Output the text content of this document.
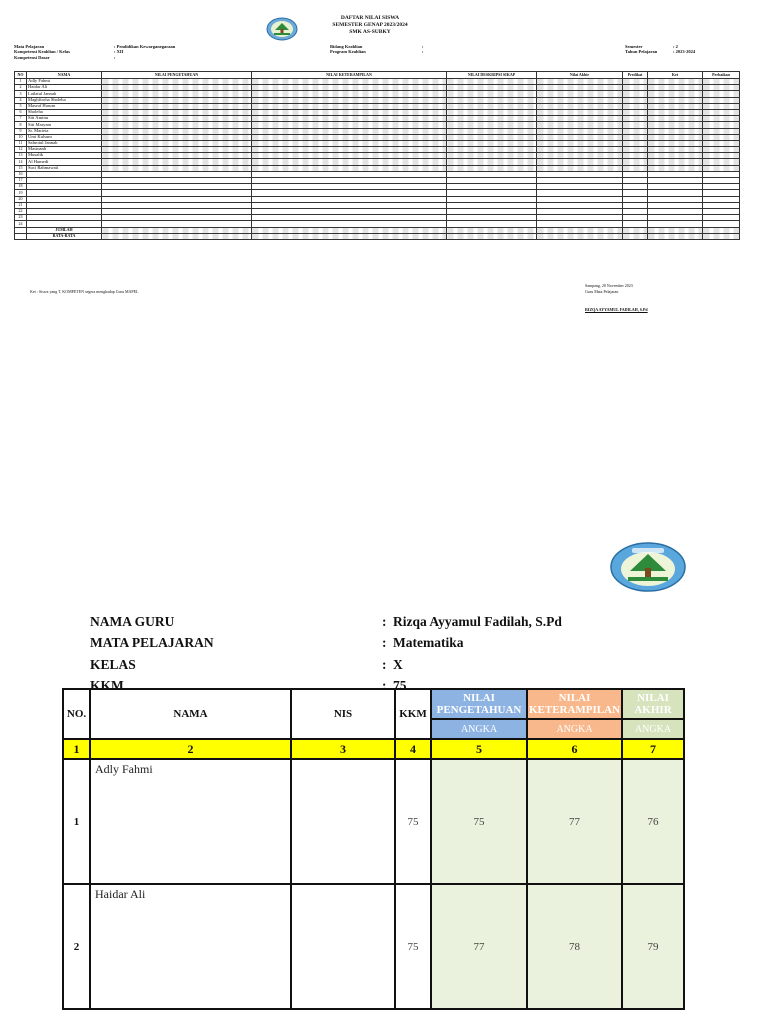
DAFTAR NILAI SISWA
SEMESTER GENAP 2023/2024
SMK AS-SUBKY
Mata Pelajaran	: Pendidikan Kewarganegaraan
Kompetensi Keahlian / Kelas	: XII
Kompetensi Dasar	:
Bidang Keahlian	:
Program Keahlian	:
Semester	: 2
Tahun Pelajaran	: 2023-2024
NO	NAMA	NILAI PENGETAHUAN	NILAI KETERAMPILAN	NILAI DESKRIPSI SIKAP	Nilai Akhir	Predikat	Ket	Perbaikan
1	Adly Fahmi							
2	Haidar Ali							
3	Lailatul Jannah							
4	Maghfiroha Sholeha							
5	Masruf Harum							
6	Sholeha							
7	Siti Aminu							
8	Siti Maryam							
9	Sr. Marieta							
10	Umi Kulsum							
11	Sahrotul Jannah							
12	Mastuanh							
13	Musalik							
14	Al Hamedi							
15	Suci Rahmawati							
16								
17								
18								
19								
20								
21								
22								
23								
24								
	JUMLAH							
	RATA-RATA							
Ket : Siswa yang T. KOMPETEN segera menghadap Guru MAPEL
Sampang, 20 November 2023
Guru Mata Pelajaran
RIZQA AYYAMUL FADILAH, S.Pd
NAMA GURU	: Rizqa Ayyamul Fadilah, S.Pd
MATA PELAJARAN	: Matematika
KELAS	: X
KKM	: 75
NO.	NAMA	NIS	KKM	NILAI PENGETAHUAN	NILAI KETERAMPILAN	NILAI AKHIR
				ANGKA	ANGKA	ANGKA
1	2	3	4	5	6	7
1	Adly Fahmi		75	75	77	76
2	Haidar Ali		75	77	78	79
